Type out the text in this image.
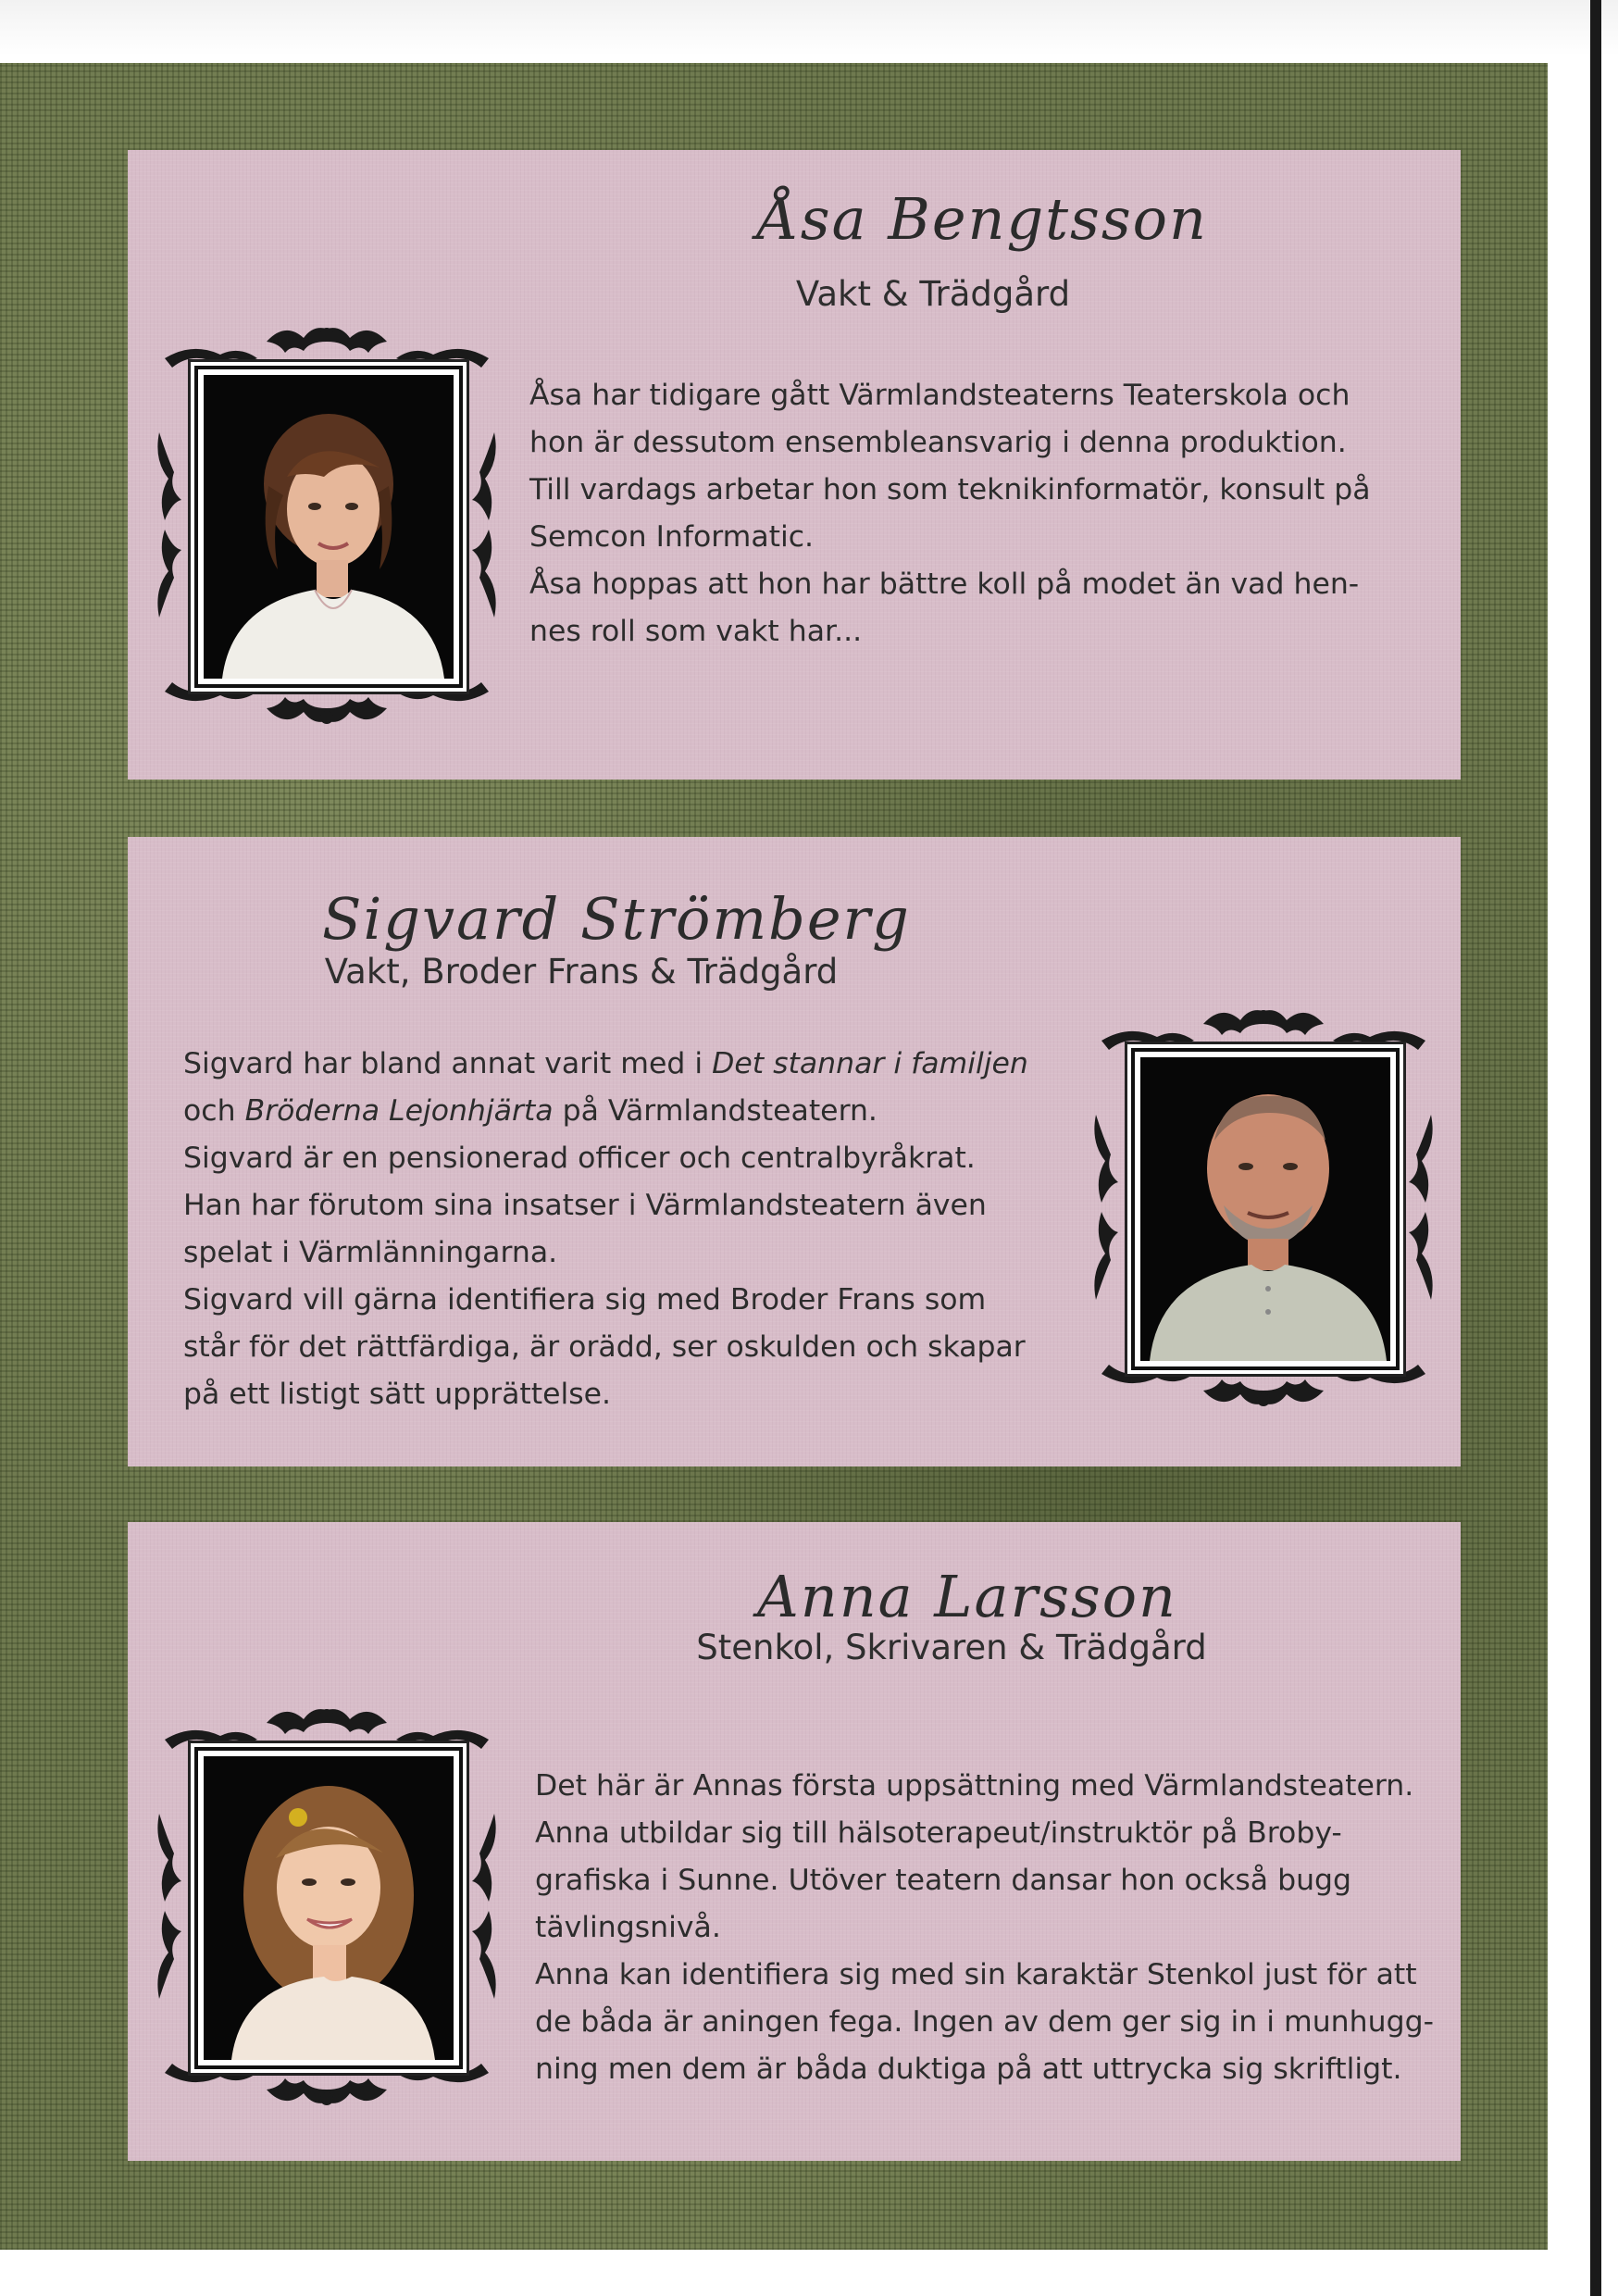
Åsa Bengtsson
Vakt & Trädgård
Åsa har tidigare gått Värmlandsteaterns Teaterskola och
hon är dessutom ensembleansvarig i denna produktion.
Till vardags arbetar hon som teknikinformatör, konsult på
Semcon Informatic.
Åsa hoppas att hon har bättre koll på modet än vad hen-
nes roll som vakt har...
Sigvard Strömberg
Vakt, Broder Frans & Trädgård
Sigvard har bland annat varit med i Det stannar i familjen
och Bröderna Lejonhjärta på Värmlandsteatern.
Sigvard är en pensionerad officer och centralbyråkrat.
Han har förutom sina insatser i Värmlandsteatern även
spelat i Värmlänningarna.
Sigvard vill gärna identifiera sig med Broder Frans som
står för det rättfärdiga, är orädd, ser oskulden och skapar
på ett listigt sätt upprättelse.
Anna Larsson
Stenkol, Skrivaren & Trädgård
Det här är Annas första uppsättning med Värmlandsteatern.
Anna utbildar sig till hälsoterapeut/instruktör på Broby-
grafiska i Sunne. Utöver teatern dansar hon också bugg
tävlingsnivå.
Anna kan identifiera sig med sin karaktär Stenkol just för att
de båda är aningen fega. Ingen av dem ger sig in i munhugg-
ning men dem är båda duktiga på att uttrycka sig skriftligt.
